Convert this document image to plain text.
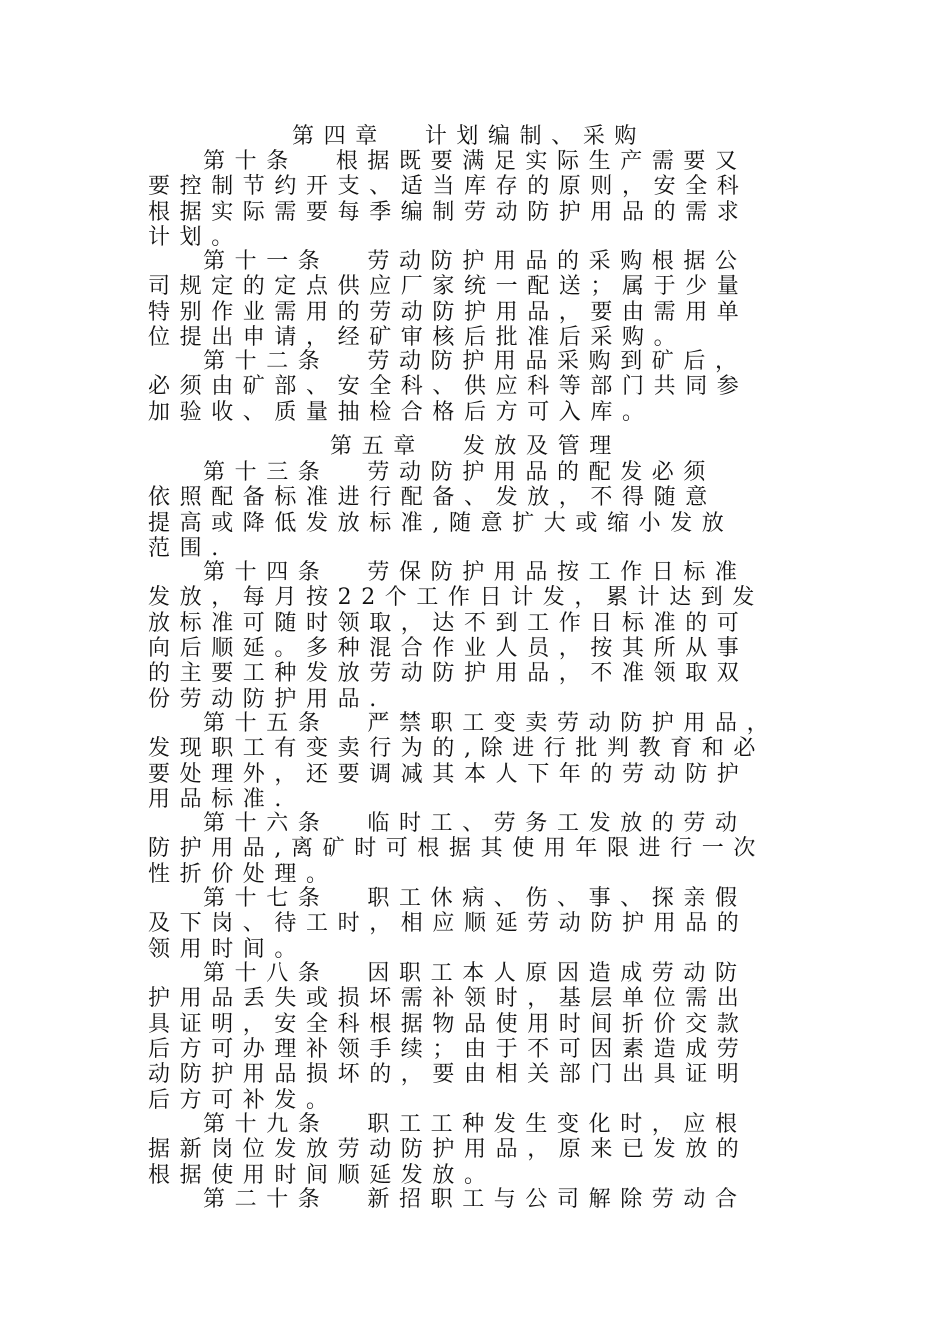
第四章 计划编制、采购
第十条 根据既要满足实际生产需要又
要控制节约开支、适当库存的原则，安全科
根据实际需要每季编制劳动防护用品的需求
计划。
第十一条 劳动防护用品的采购根据公
司规定的定点供应厂家统一配送；属于少量
特别作业需用的劳动防护用品，要由需用单
位提出申请，经矿审核后批准后采购。
第十二条 劳动防护用品采购到矿后，
必须由矿部、安全科、供应科等部门共同参
加验收、质量抽检合格后方可入库。
第五章 发放及管理
第十三条 劳动防护用品的配发必须
依照配备标准进行配备、发放，不得随意
提高或降低发放标准,随意扩大或缩小发放
范围.
第十四条 劳保防护用品按工作日标准
发放，每月按22个工作日计发，累计达到发
放标准可随时领取，达不到工作日标准的可
向后顺延。多种混合作业人员，按其所从事
的主要工种发放劳动防护用品，不准领取双
份劳动防护用品.
第十五条 严禁职工变卖劳动防护用品，
发现职工有变卖行为的,除进行批判教育和必
要处理外，还要调减其本人下年的劳动防护
用品标准.
第十六条 临时工、劳务工发放的劳动
防护用品,离矿时可根据其使用年限进行一次
性折价处理。
第十七条 职工休病、伤、事、探亲假
及下岗、待工时，相应顺延劳动防护用品的
领用时间。
第十八条 因职工本人原因造成劳动防
护用品丢失或损坏需补领时，基层单位需出
具证明，安全科根据物品使用时间折价交款
后方可办理补领手续；由于不可因素造成劳
动防护用品损坏的，要由相关部门出具证明
后方可补发。
第十九条 职工工种发生变化时，应根
据新岗位发放劳动防护用品，原来已发放的
根据使用时间顺延发放。
第二十条 新招职工与公司解除劳动合
